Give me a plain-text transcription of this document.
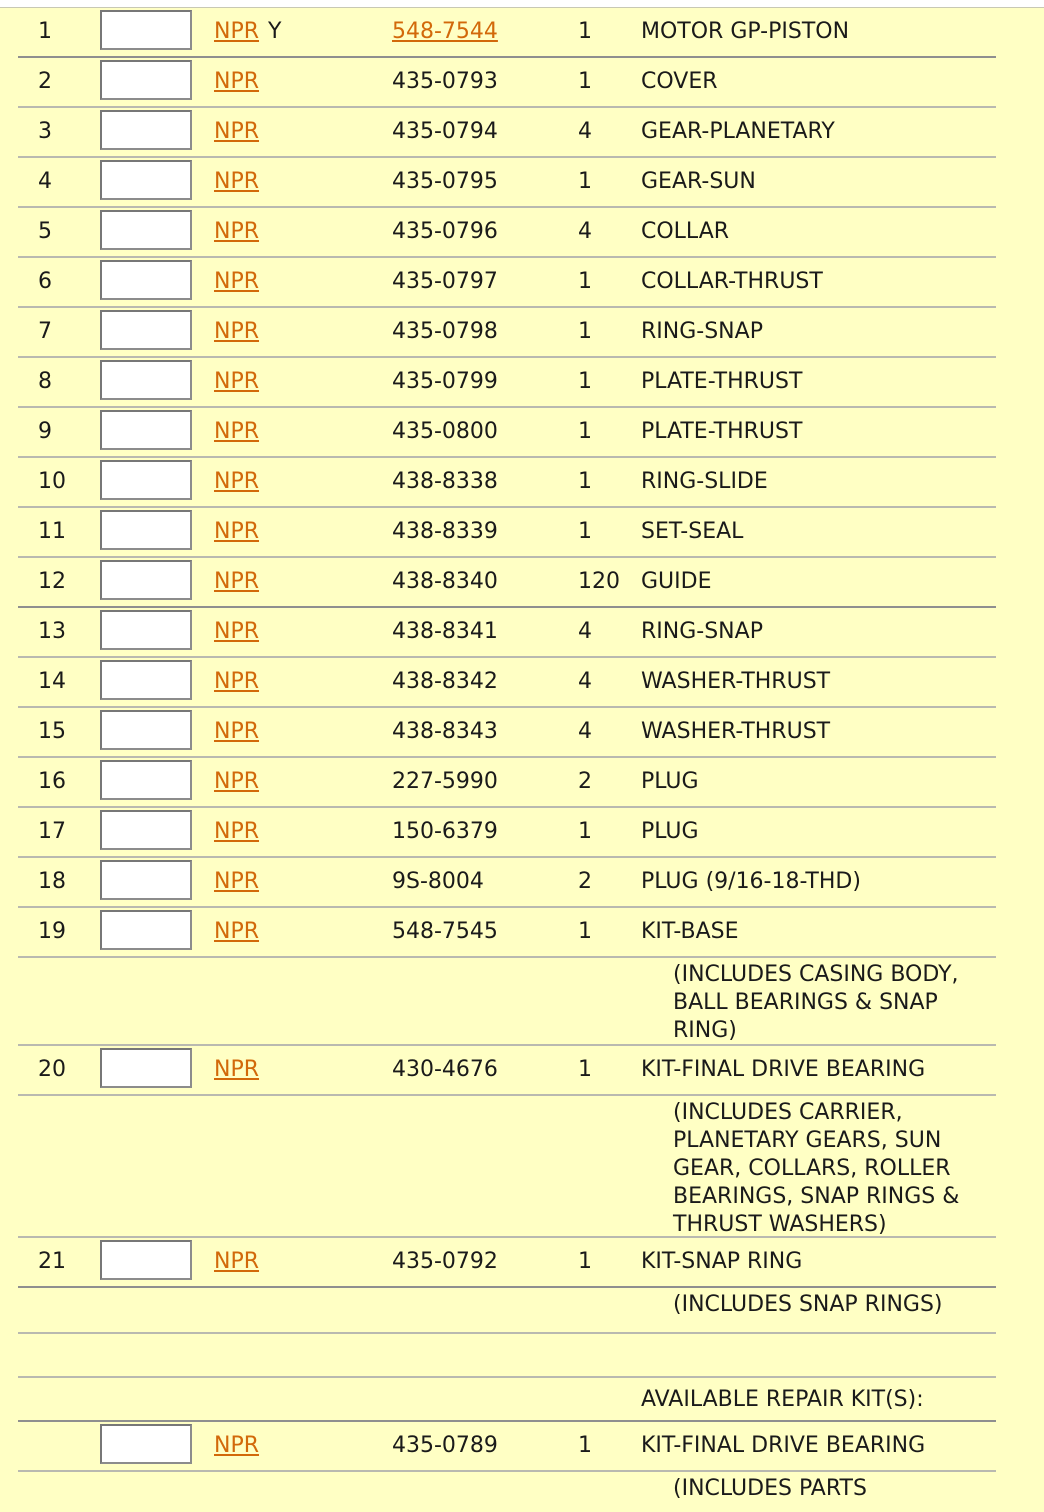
1	NPR Y	548-7544	1 MOTOR GP-PISTON
2	NPR	435-0793	1 COVER
3	NPR	435-0794	4 GEAR-PLANETARY
4	NPR	435-0795	1 GEAR-SUN
5	NPR	435-0796	4 COLLAR
6	NPR	435-0797	1 COLLAR-THRUST
7	NPR	435-0798	1 RING-SNAP
8	NPR	435-0799	1 PLATE-THRUST
9	NPR	435-0800	1 PLATE-THRUST
10	NPR	438-8338	1 RING-SLIDE
11	NPR	438-8339	1 SET-SEAL
12	NPR	438-8340	120 GUIDE
13	NPR	438-8341	4 RING-SNAP
14	NPR	438-8342	4 WASHER-THRUST
15	NPR	438-8343	4 WASHER-THRUST
16	NPR	227-5990	2 PLUG
17	NPR	150-6379	1 PLUG
18	NPR	9S-8004	2 PLUG (9/16-18-THD)
19	NPR	548-7545	1 KIT-BASE
(INCLUDES CASING BODY, BALL BEARINGS & SNAP RING)
20	NPR	430-4676	1 KIT-FINAL DRIVE BEARING
(INCLUDES CARRIER, PLANETARY GEARS, SUN GEAR, COLLARS, ROLLER BEARINGS, SNAP RINGS & THRUST WASHERS)
21	NPR	435-0792	1 KIT-SNAP RING
(INCLUDES SNAP RINGS)
AVAILABLE REPAIR KIT(S):
NPR	435-0789	1 KIT-FINAL DRIVE BEARING
(INCLUDES PARTS
